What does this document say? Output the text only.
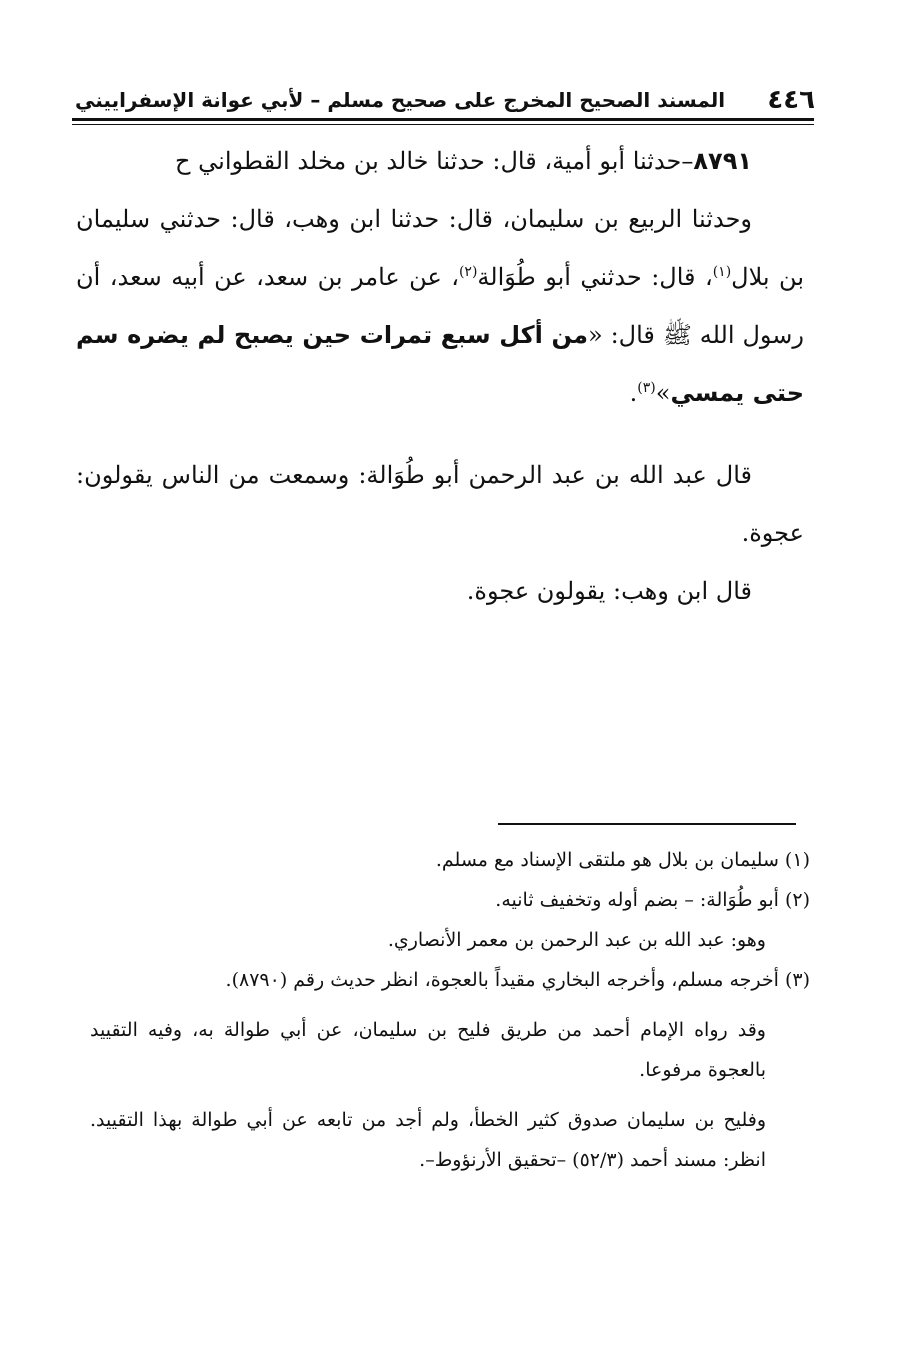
٤٤٦
المسند الصحيح المخرج على صحيح مسلم – لأبي عوانة الإسفراييني

٨٧٩١–حدثنا أبو أمية، قال: حدثنا خالد بن مخلد القطواني ح

وحدثنا الربيع بن سليمان، قال: حدثنا ابن وهب، قال: حدثني سليمان بن بلال$^{(١)}$، قال: حدثني أبو طُوَالة$^{(٢)}$، عن عامر بن سعد، عن أبيه سعد، أن رسول الله ﷺ قال: «من أكل سبع تمرات حين يصبح لم يضره سم حتى يمسي»$^{(٣)}$.

قال عبد الله بن عبد الرحمن أبو طُوَالة: وسمعت من الناس يقولون: عجوة.

قال ابن وهب: يقولون عجوة.

(١) سليمان بن بلال هو ملتقى الإسناد مع مسلم.

(٢) أبو طُوَالة: – بضم أوله وتخفيف ثانيه.

وهو: عبد الله بن عبد الرحمن بن معمر الأنصاري.

(٣) أخرجه مسلم، وأخرجه البخاري مقيداً بالعجوة، انظر حديث رقم (٨٧٩٠).

وقد رواه الإمام أحمد من طريق فليح بن سليمان، عن أبي طوالة به، وفيه التقييد بالعجوة مرفوعا.

وفليح بن سليمان صدوق كثير الخطأ، ولم أجد من تابعه عن أبي طوالة بهذا التقييد. انظر: مسند أحمد (٥٢/٣) –تحقيق الأرنؤوط–.
